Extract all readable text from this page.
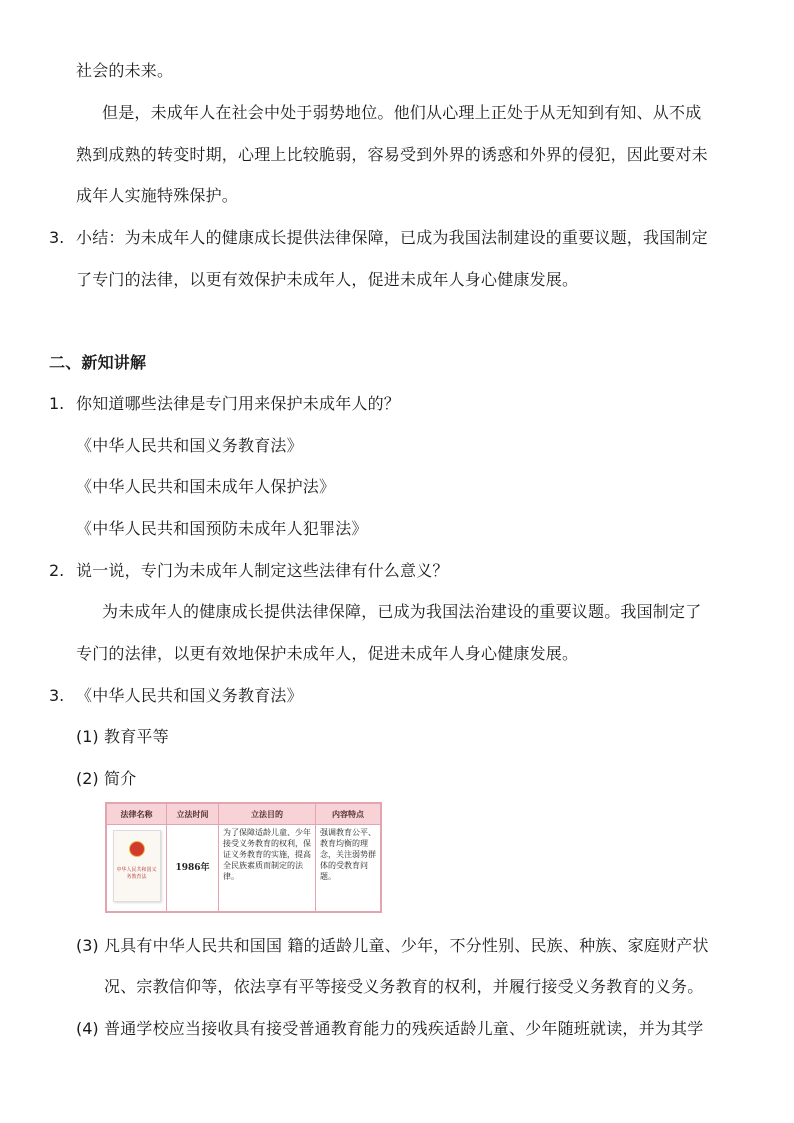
社会的未来。
但是，未成年人在社会中处于弱势地位。他们从心理上正处于从无知到有知、从不成
熟到成熟的转变时期，心理上比较脆弱，容易受到外界的诱惑和外界的侵犯，因此要对未
成年人实施特殊保护。
3. 小结：为未成年人的健康成长提供法律保障，已成为我国法制建设的重要议题，我国制定
了专门的法律，以更有效保护未成年人，促进未成年人身心健康发展。
二、新知讲解
1. 你知道哪些法律是专门用来保护未成年人的？
《中华人民共和国义务教育法》
《中华人民共和国未成年人保护法》
《中华人民共和国预防未成年人犯罪法》
2. 说一说，专门为未成年人制定这些法律有什么意义？
为未成年人的健康成长提供法律保障，已成为我国法治建设的重要议题。我国制定了
专门的法律，以更有效地保护未成年人，促进未成年人身心健康发展。
3. 《中华人民共和国义务教育法》
(1) 教育平等
(2) 简介
法律名称	立法时间	立法目的	内容特点

中华人民共和国义务教育法	1986年	为了保障适龄儿童、少年接受义务教育的权利，保证义务教育的实施，提高全民族素质而制定的法律。	强调教育公平、教育均衡的理念，关注弱势群体的受教育问题。
(3) 凡具有中华人民共和国国 籍的适龄儿童、少年，不分性别、民族、种族、家庭财产状
况、宗教信仰等，依法享有平等接受义务教育的权利，并履行接受义务教育的义务。
(4) 普通学校应当接收具有接受普通教育能力的残疾适龄儿童、少年随班就读，并为其学
